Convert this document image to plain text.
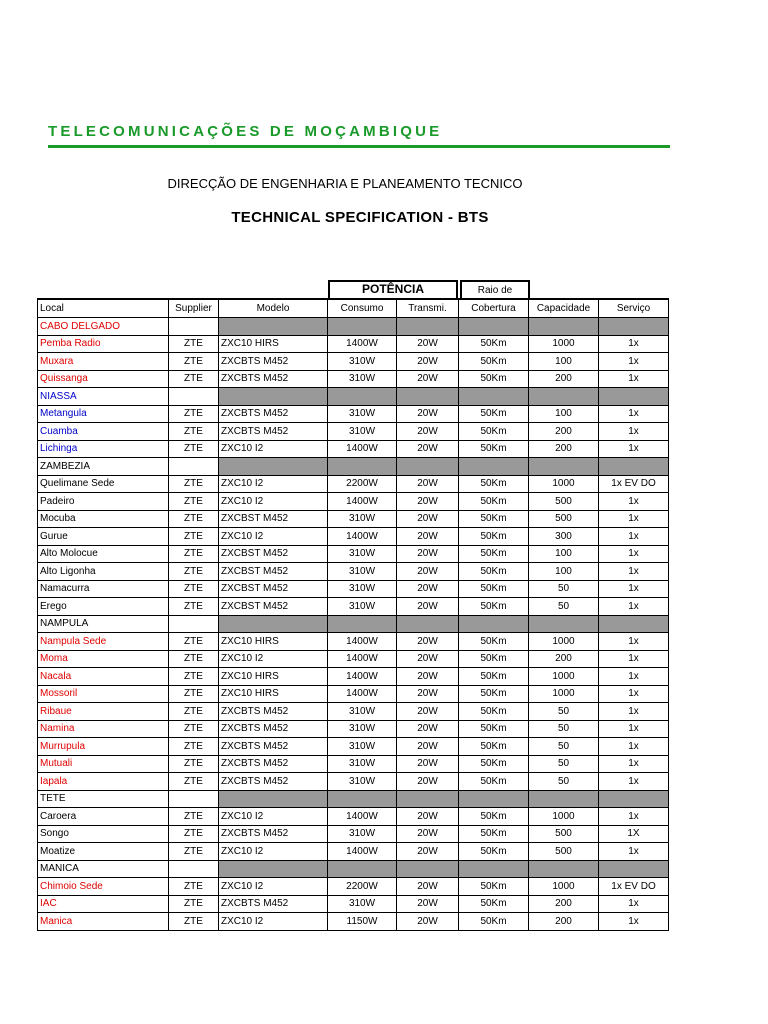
TELECOMUNICAÇÕES DE MOÇAMBIQUE
DIRECÇÃO DE ENGENHARIA E PLANEAMENTO TECNICO
TECHNICAL SPECIFICATION - BTS
POTÊNCIA	Raio de
Local	Supplier	Modelo	Consumo	Transmi.	Cobertura	Capacidade	Serviço
CABO DELGADO							
Pemba Radio	ZTE	ZXC10 HIRS	1400W	20W	50Km	1000	1x
Muxara	ZTE	ZXCBTS M452	310W	20W	50Km	100	1x
Quissanga	ZTE	ZXCBTS M452	310W	20W	50Km	200	1x
NIASSA							
Metangula	ZTE	ZXCBTS M452	310W	20W	50Km	100	1x
Cuamba	ZTE	ZXCBTS M452	310W	20W	50Km	200	1x
Lichinga	ZTE	ZXC10 I2	1400W	20W	50Km	200	1x
ZAMBEZIA							
Quelimane Sede	ZTE	ZXC10 I2	2200W	20W	50Km	1000	1x EV DO
Padeiro	ZTE	ZXC10 I2	1400W	20W	50Km	500	1x
Mocuba	ZTE	ZXCBST M452	310W	20W	50Km	500	1x
Gurue	ZTE	ZXC10 I2	1400W	20W	50Km	300	1x
Alto Molocue	ZTE	ZXCBST M452	310W	20W	50Km	100	1x
Alto Ligonha	ZTE	ZXCBST M452	310W	20W	50Km	100	1x
Namacurra	ZTE	ZXCBST M452	310W	20W	50Km	50	1x
Erego	ZTE	ZXCBST M452	310W	20W	50Km	50	1x
NAMPULA							
Nampula Sede	ZTE	ZXC10 HIRS	1400W	20W	50Km	1000	1x
Moma	ZTE	ZXC10 I2	1400W	20W	50Km	200	1x
Nacala	ZTE	ZXC10 HIRS	1400W	20W	50Km	1000	1x
Mossoril	ZTE	ZXC10 HIRS	1400W	20W	50Km	1000	1x
Ribaue	ZTE	ZXCBTS M452	310W	20W	50Km	50	1x
Namina	ZTE	ZXCBTS M452	310W	20W	50Km	50	1x
Murrupula	ZTE	ZXCBTS M452	310W	20W	50Km	50	1x
Mutuali	ZTE	ZXCBTS M452	310W	20W	50Km	50	1x
Iapala	ZTE	ZXCBTS M452	310W	20W	50Km	50	1x
TETE							
Caroera	ZTE	ZXC10 I2	1400W	20W	50Km	1000	1x
Songo	ZTE	ZXCBTS M452	310W	20W	50Km	500	1X
Moatize	ZTE	ZXC10 I2	1400W	20W	50Km	500	1x
MANICA							
Chimoio Sede	ZTE	ZXC10 I2	2200W	20W	50Km	1000	1x EV DO
IAC	ZTE	ZXCBTS M452	310W	20W	50Km	200	1x
Manica	ZTE	ZXC10 I2	1150W	20W	50Km	200	1x
